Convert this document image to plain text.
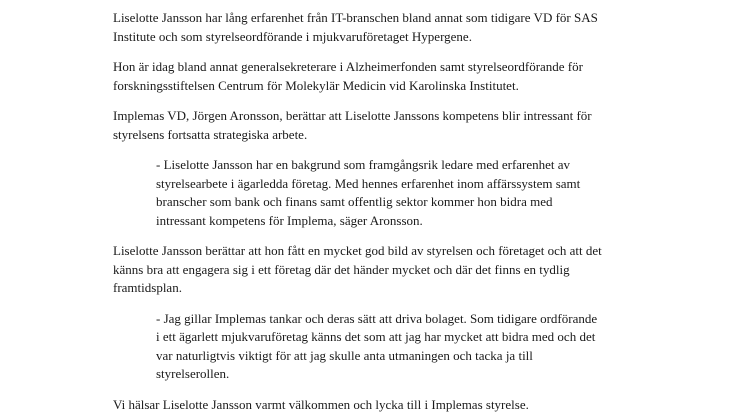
Liselotte Jansson har lång erfarenhet från IT-branschen bland annat som tidigare VD för SAS
Institute och som styrelseordförande i mjukvaruföretaget Hypergene.

Hon är idag bland annat generalsekreterare i Alzheimerfonden samt styrelseordförande för
forskningsstiftelsen Centrum för Molekylär Medicin vid Karolinska Institutet.

Implemas VD, Jörgen Aronsson, berättar att Liselotte Janssons kompetens blir intressant för
styrelsens fortsatta strategiska arbete.

- Liselotte Jansson har en bakgrund som framgångsrik ledare med erfarenhet av
styrelsearbete i ägarledda företag. Med hennes erfarenhet inom affärssystem samt
branscher som bank och finans samt offentlig sektor kommer hon bidra med
intressant kompetens för Implema, säger Aronsson.

Liselotte Jansson berättar att hon fått en mycket god bild av styrelsen och företaget och att det
känns bra att engagera sig i ett företag där det händer mycket och där det finns en tydlig
framtidsplan.

- Jag gillar Implemas tankar och deras sätt att driva bolaget. Som tidigare ordförande
i ett ägarlett mjukvaruföretag känns det som att jag har mycket att bidra med och det
var naturligtvis viktigt för att jag skulle anta utmaningen och tacka ja till
styrelserollen.

Vi hälsar Liselotte Jansson varmt välkommen och lycka till i Implemas styrelse.
